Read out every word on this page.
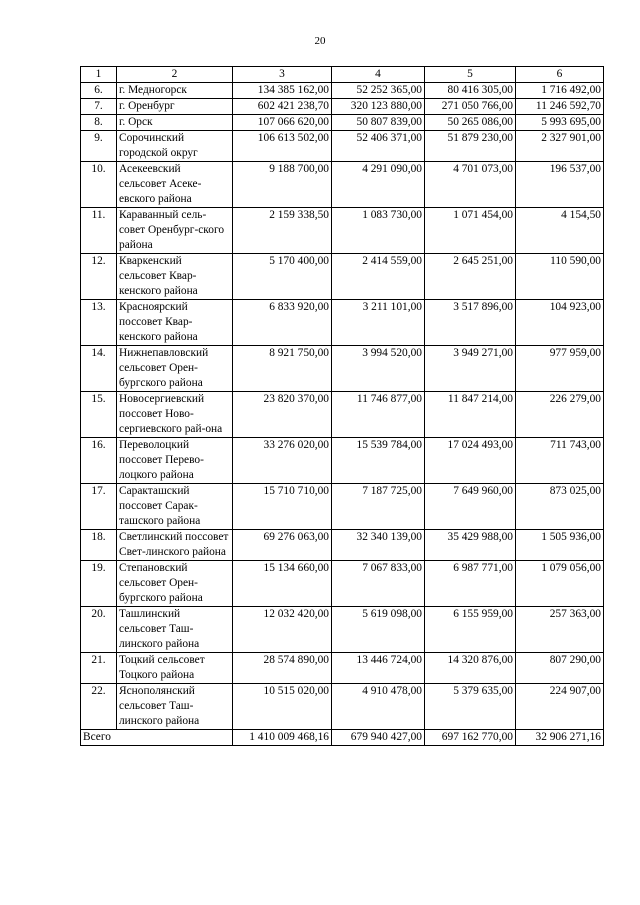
20
1	2	3	4	5	6
6.	г. Медногорск	134 385 162,00	52 252 365,00	80 416 305,00	1 716 492,00
7.	г. Оренбург	602 421 238,70	320 123 880,00	271 050 766,00	11 246 592,70
8.	г. Орск	107 066 620,00	50 807 839,00	50 265 086,00	5 993 695,00
9.	Сорочинский городской округ	106 613 502,00	52 406 371,00	51 879 230,00	2 327 901,00
10.	Асекеевский сельсовет Асеке-евского района	9 188 700,00	4 291 090,00	4 701 073,00	196 537,00
11.	Караванный сель-совет Оренбург-ского района	2 159 338,50	1 083 730,00	1 071 454,00	4 154,50
12.	Кваркенский сельсовет Квар-кенского района	5 170 400,00	2 414 559,00	2 645 251,00	110 590,00
13.	Красноярский поссовет Квар-кенского района	6 833 920,00	3 211 101,00	3 517 896,00	104 923,00
14.	Нижнепавловский сельсовет Орен-бургского района	8 921 750,00	3 994 520,00	3 949 271,00	977 959,00
15.	Новосергиевский поссовет Ново-сергиевского рай-она	23 820 370,00	11 746 877,00	11 847 214,00	226 279,00
16.	Переволоцкий поссовет Перево-лоцкого района	33 276 020,00	15 539 784,00	17 024 493,00	711 743,00
17.	Саракташский поссовет Сарак-ташского района	15 710 710,00	7 187 725,00	7 649 960,00	873 025,00
18.	Светлинский поссовет Свет-линского района	69 276 063,00	32 340 139,00	35 429 988,00	1 505 936,00
19.	Степановский сельсовет Орен-бургского района	15 134 660,00	7 067 833,00	6 987 771,00	1 079 056,00
20.	Ташлинский сельсовет Таш-линского района	12 032 420,00	5 619 098,00	6 155 959,00	257 363,00
21.	Тоцкий сельсовет Тоцкого района	28 574 890,00	13 446 724,00	14 320 876,00	807 290,00
22.	Яснополянский сельсовет Таш-линского района	10 515 020,00	4 910 478,00	5 379 635,00	224 907,00
Всего		1 410 009 468,16	679 940 427,00	697 162 770,00	32 906 271,16
